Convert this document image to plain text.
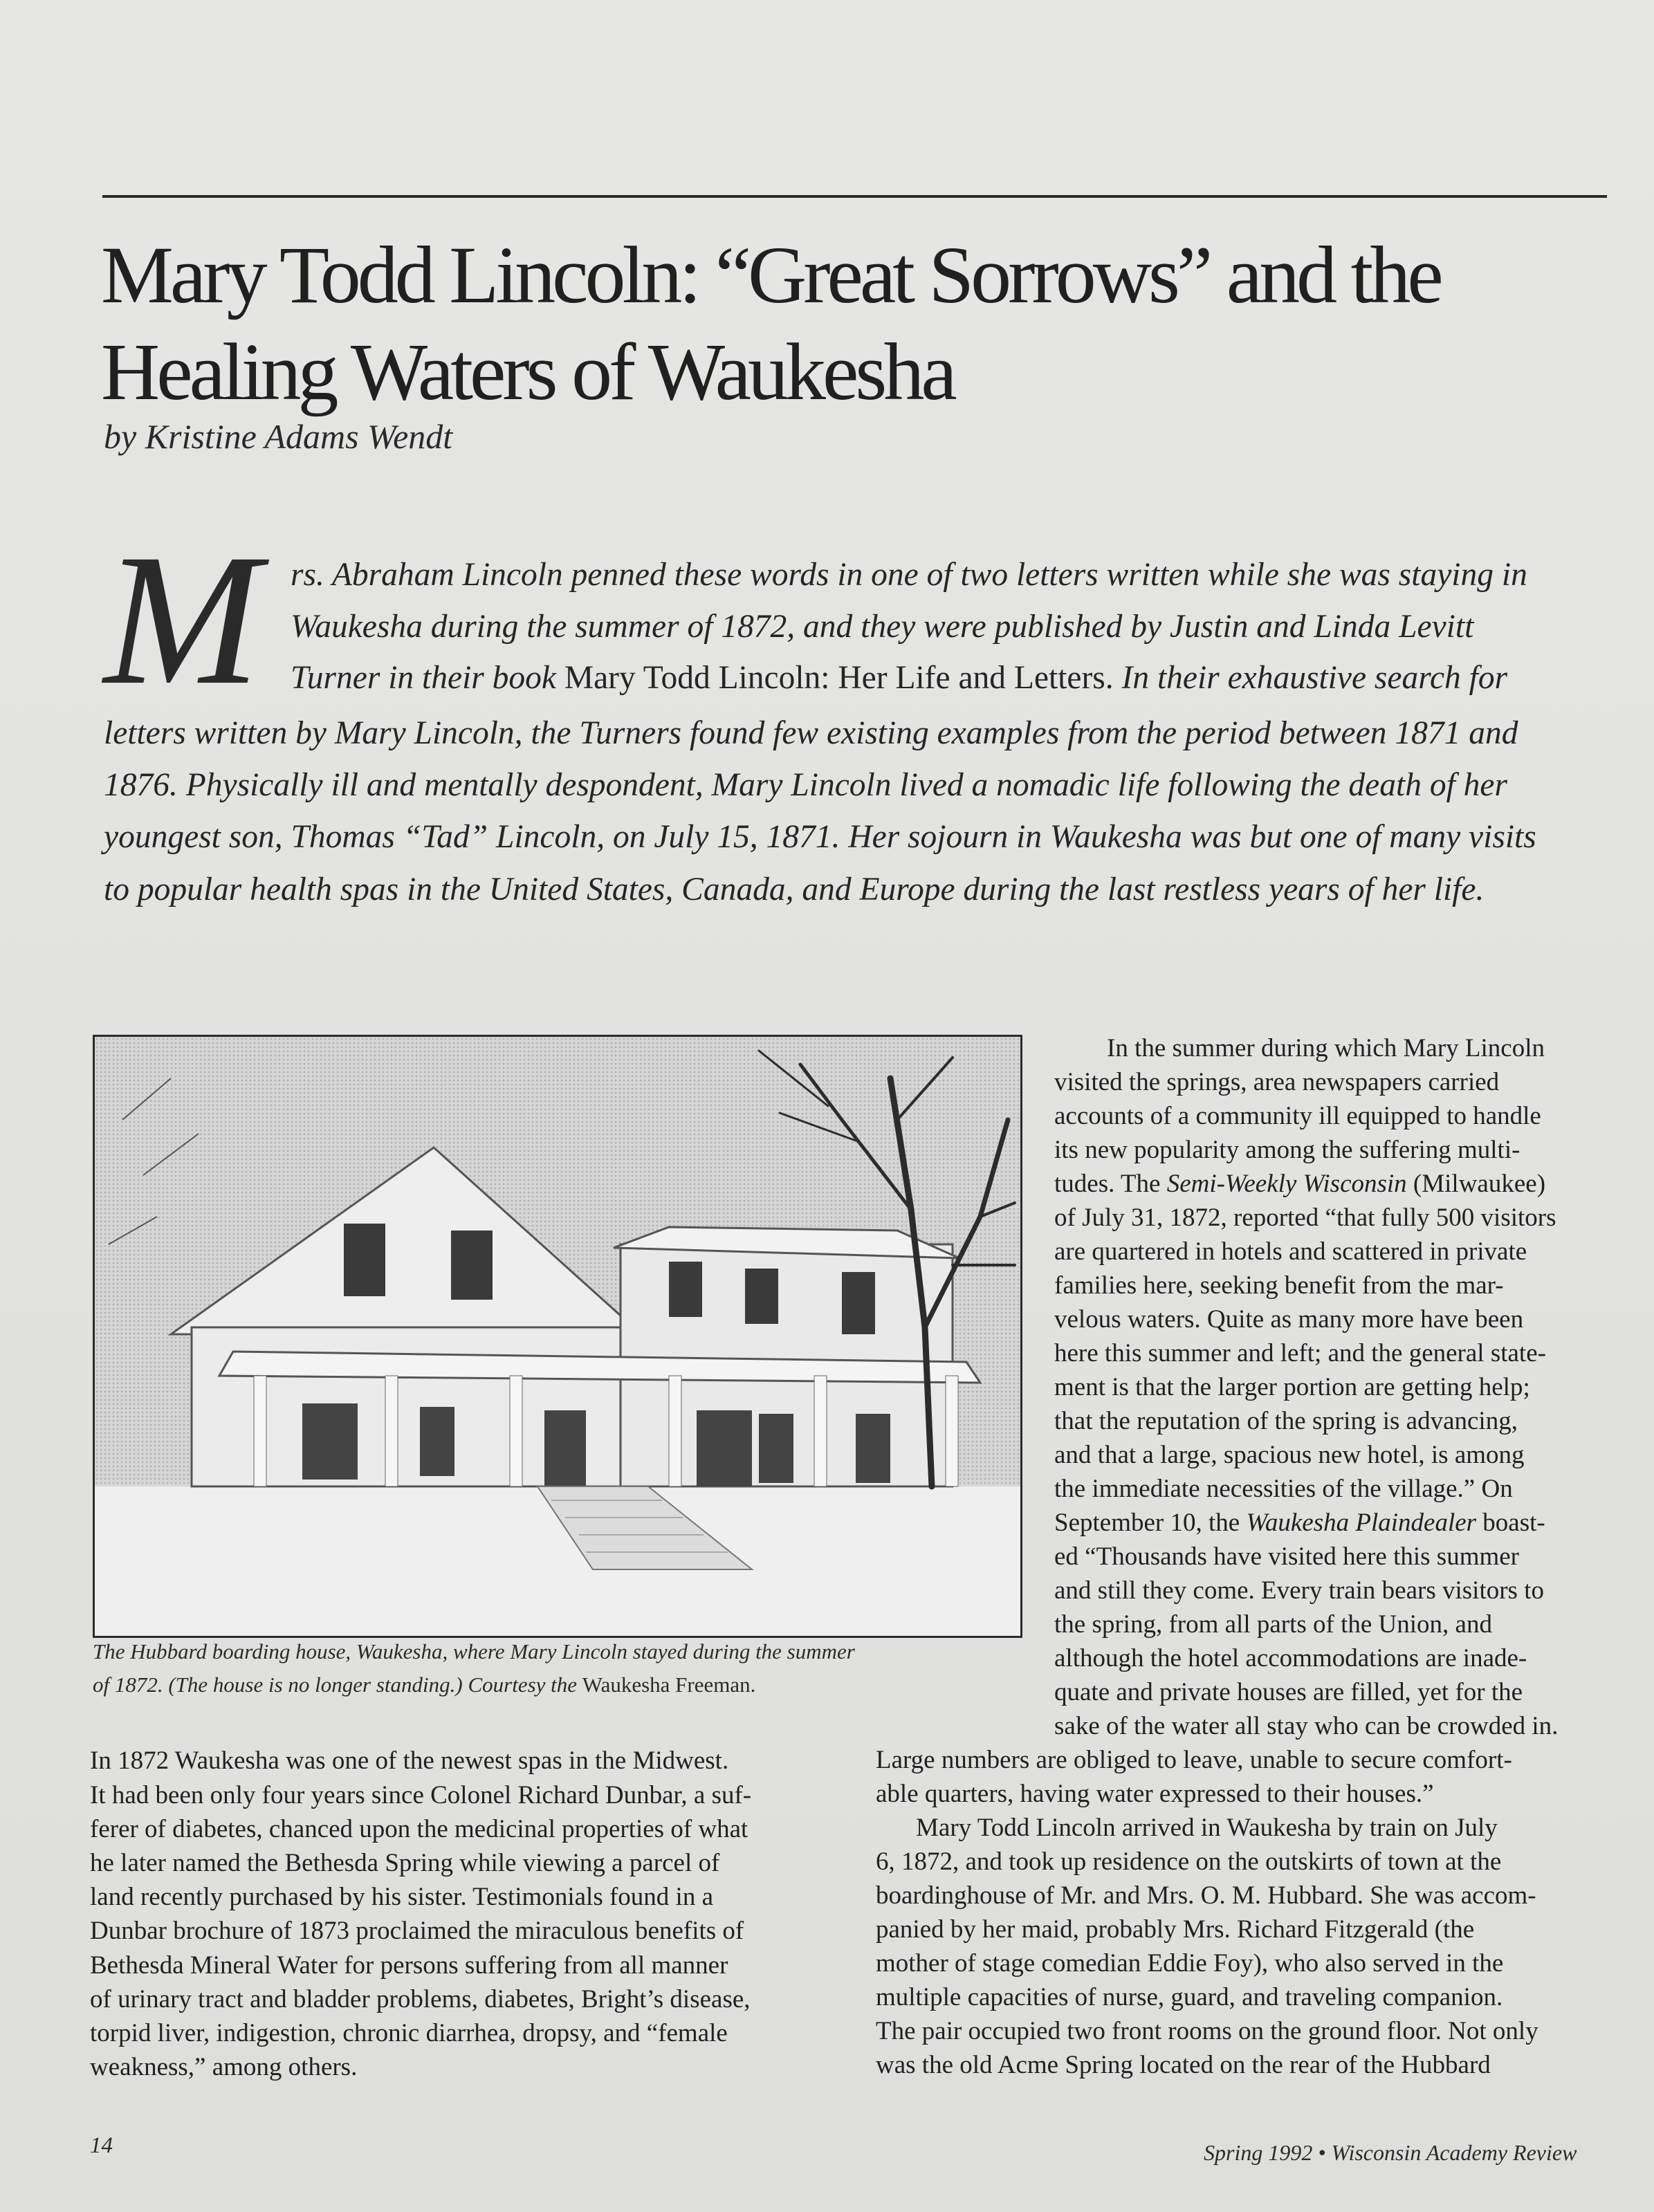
Mary Todd Lincoln: “Great Sorrows” and the
Healing Waters of Waukesha

by Kristine Adams Wendt

M rs. Abraham Lincoln penned these words in one of two letters written while she was staying in

Waukesha during the summer of 1872, and they were published by Justin and Linda Levitt

Turner in their book Mary Todd Lincoln: Her Life and Letters. In their exhaustive search for

letters written by Mary Lincoln, the Turners found few existing examples from the period between 1871 and

1876. Physically ill and mentally despondent, Mary Lincoln lived a nomadic life following the death of her

youngest son, Thomas “Tad” Lincoln, on July 15, 1871. Her sojourn in Waukesha was but one of many visits

to popular health spas in the United States, Canada, and Europe during the last restless years of her life.

The Hubbard boarding house, Waukesha, where Mary Lincoln stayed during the summer

of 1872. (The house is no longer standing.) Courtesy the Waukesha Freeman.

In 1872 Waukesha was one of the newest spas in the Midwest.

It had been only four years since Colonel Richard Dunbar, a suf-

ferer of diabetes, chanced upon the medicinal properties of what

he later named the Bethesda Spring while viewing a parcel of

land recently purchased by his sister. Testimonials found in a

Dunbar brochure of 1873 proclaimed the miraculous benefits of

Bethesda Mineral Water for persons suffering from all manner

of urinary tract and bladder problems, diabetes, Bright’s disease,

torpid liver, indigestion, chronic diarrhea, dropsy, and “female

weakness,” among others.

In the summer during which Mary Lincoln

visited the springs, area newspapers carried

accounts of a community ill equipped to handle

its new popularity among the suffering multi-

tudes. The Semi-Weekly Wisconsin (Milwaukee)

of July 31, 1872, reported “that fully 500 visitors

are quartered in hotels and scattered in private

families here, seeking benefit from the mar-

velous waters. Quite as many more have been

here this summer and left; and the general state-

ment is that the larger portion are getting help;

that the reputation of the spring is advancing,

and that a large, spacious new hotel, is among

the immediate necessities of the village.” On

September 10, the Waukesha Plaindealer boast-

ed “Thousands have visited here this summer

and still they come. Every train bears visitors to

the spring, from all parts of the Union, and

although the hotel accommodations are inade-

quate and private houses are filled, yet for the

sake of the water all stay who can be crowded in.

Large numbers are obliged to leave, unable to secure comfort-

able quarters, having water expressed to their houses.”

Mary Todd Lincoln arrived in Waukesha by train on July

6, 1872, and took up residence on the outskirts of town at the

boardinghouse of Mr. and Mrs. O. M. Hubbard. She was accom-

panied by her maid, probably Mrs. Richard Fitzgerald (the

mother of stage comedian Eddie Foy), who also served in the

multiple capacities of nurse, guard, and traveling companion.

The pair occupied two front rooms on the ground floor. Not only

was the old Acme Spring located on the rear of the Hubbard

14	Spring 1992 • Wisconsin Academy Review
